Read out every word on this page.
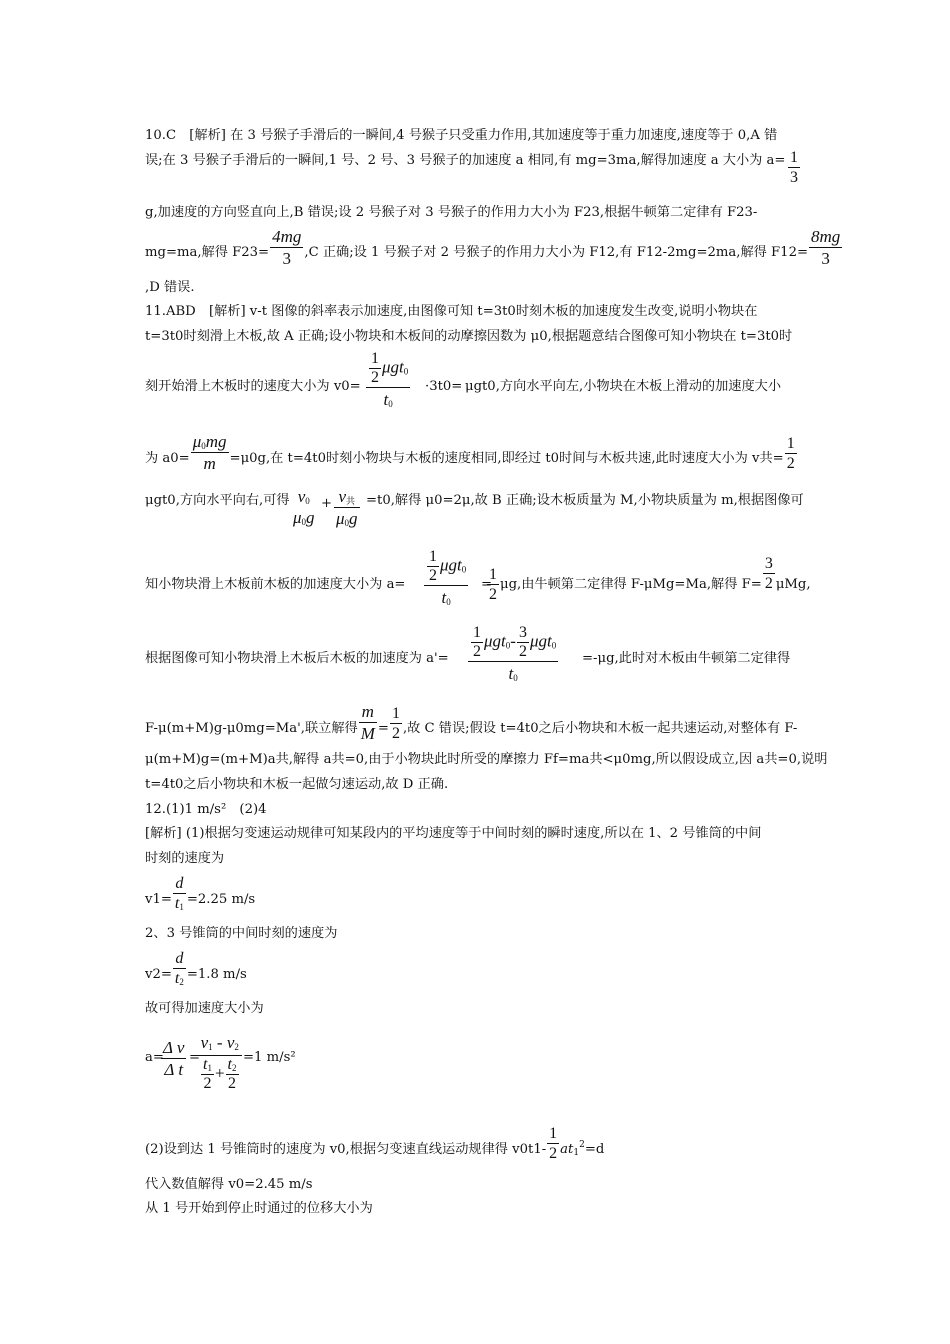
10.C　[解析] 在 3 号猴子手滑后的一瞬间,4 号猴子只受重力作用,其加速度等于重力加速度,速度等于 0,A 错
误;在 3 号猴子手滑后的一瞬间,1 号、2 号、3 号猴子的加速度 a 相同,有 mg=3ma,解得加速度 a 大小为 a= 1
3
g,加速度的方向竖直向上,B 错误;设 2 号猴子对 3 号猴子的作用力大小为 F23,根据牛顿第二定律有 F23-
mg=ma,解得 $F23= \frac{4mg}{3} ,C$ 正确;设 1 号猴子对 2 号猴子的作用力大小为 F12,有 F12-2mg=2ma,解得 $F12= \frac{8mg}{3}$
,D 错误.
11.ABD　[解析] v-t 图像的斜率表示加速度,由图像可知 t=3t0时刻木板的加速度发生改变,说明小物块在
t=3t0时刻滑上木板,故 A 正确;设小物块和木板间的动摩擦因数为 μ0,根据题意结合图像可知小物块在 t=3t0时
刻开始滑上木板时的速度大小为 $v0= \frac{1}{2} \mu gt_0$
$t_0$
·3t0= μgt0,方向水平向左,小物块在木板上滑动的加速度大小
为 $a0= \frac{\mu_0mg}{m} =\mu 0g$,在 t=4t0时刻小物块与木板的速度相同,即经过 t0时间与木板共速,此时速度大小为 v共= $\frac{1}{2}$
μgt0,方向水平向右,可得 $v_0$
$\mu_0g$
+ $v_共$
$\mu_0g$
=t0,解得 μ0=2μ,故 B 正确;设木板质量为 M,小物块质量为 m,根据图像可
知小物块滑上木板前木板的加速度大小为 $a= \frac{1}{2} \mu gt_0$
$t_0$
=
1
2
μg,由牛顿第二定律得 F-μMg=Ma,解得 $F= \frac{3}{2} \mu Mg$,
根据图像可知小物块滑上木板后木板的加速度为 $a'= \frac{1}{2} \mu gt_0- \frac{3}{2} \mu gt_0$
$t_0$
=-μg,此时对木板由牛顿第二定律得
F-μ(m+M)g-μ0mg=Ma',联立解得 $\frac{m}{M} = \frac{1}{2}$ ,故 C 错误;假设 t=4t0之后小物块和木板一起共速运动,对整体有 F-
μ(m+M)g=(m+M)a共,解得 a共=0,由于小物块此时所受的摩擦力 Ff=ma共<μ0mg,所以假设成立,因 a共=0,说明
t=4t0之后小物块和木板一起做匀速运动,故 D 正确.
12.(1)1 m/s²　(2)4
[解析] (1)根据匀变速运动规律可知某段内的平均速度等于中间时刻的瞬时速度,所以在 1、2 号锥筒的中间
时刻的速度为
$v1= \frac{d}{t_1} =2.25$ m/s
2、3 号锥筒的中间时刻的速度为
$v2= \frac{d}{t_2} =1.8$ m/s
故可得加速度大小为
a=
Δ v
Δ t
=
$v_1 - v_2$
$\frac{t_1}{2} + \frac{t_2}{2} =1$ m/s²
(2)设到达 1 号锥筒时的速度为 v0,根据匀变速直线运动规律得 $v0t1- \frac{1}{2} at_1^2=d$
代入数值解得 v0=2.45 m/s
从 1 号开始到停止时通过的位移大小为
